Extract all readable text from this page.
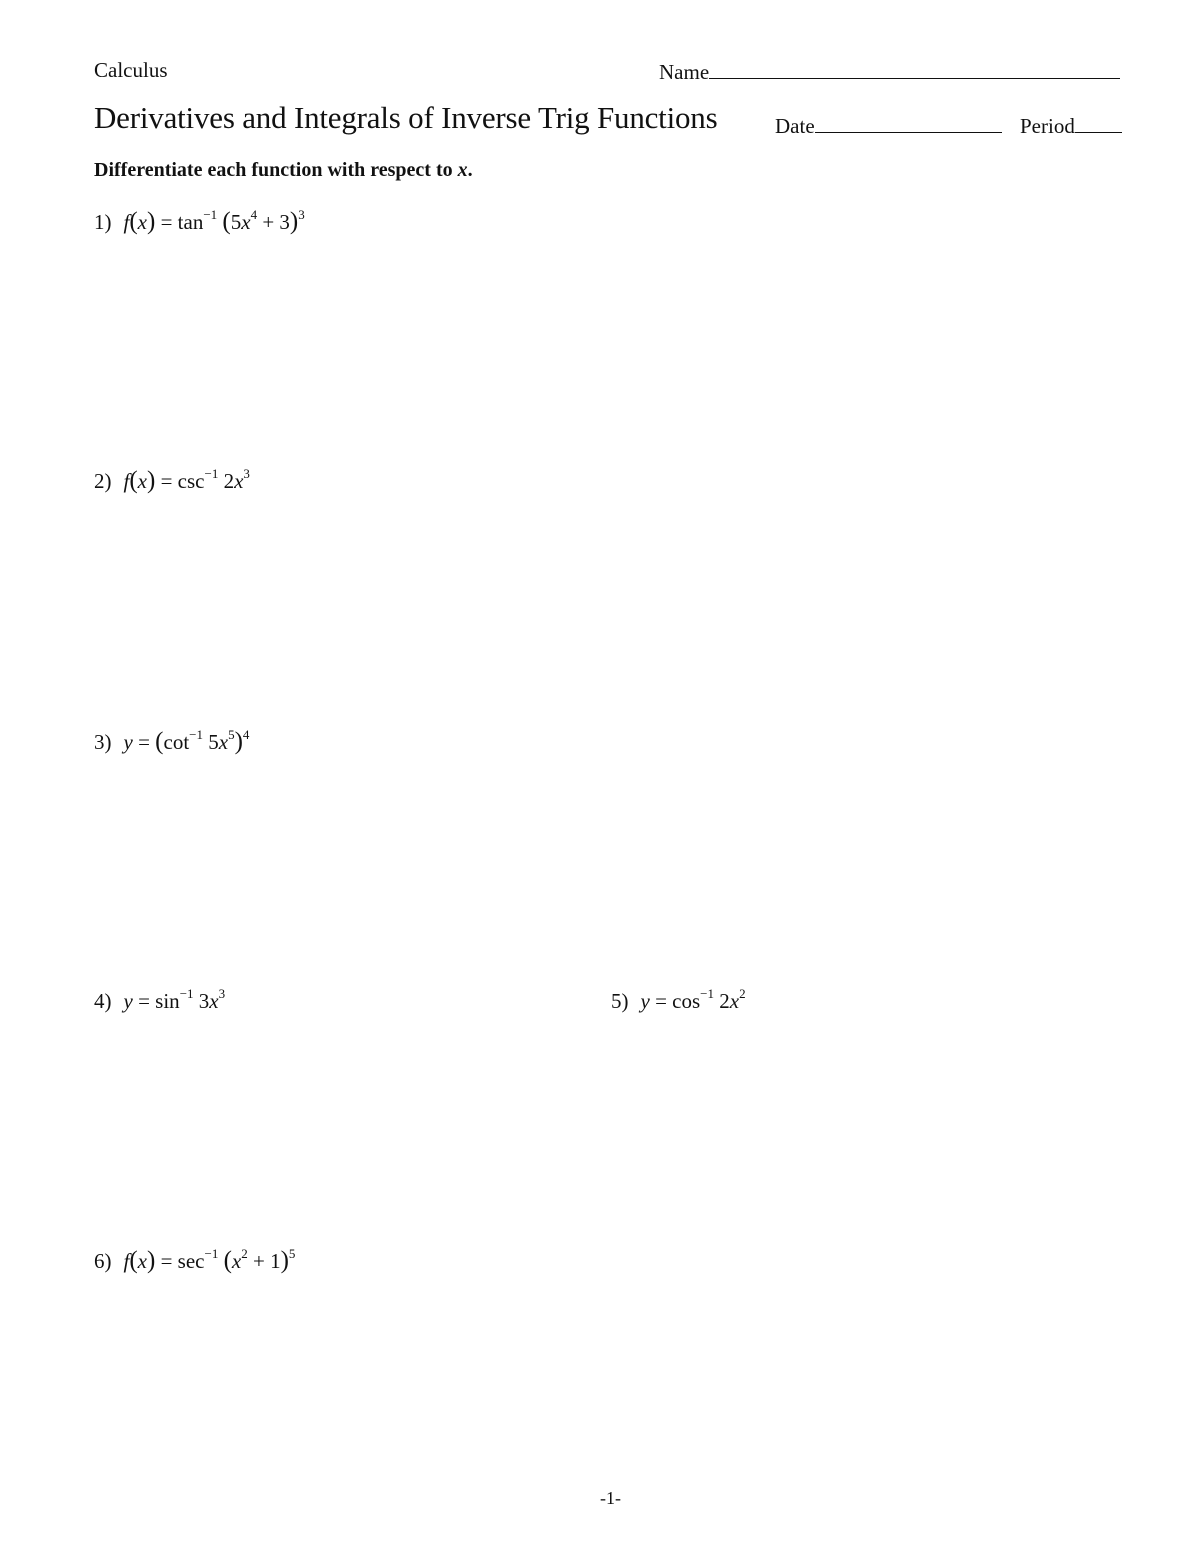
Calculus	Name
Derivatives and Integrals of Inverse Trig Functions	Date	Period
Differentiate each function with respect to x.
1) $f(x) = \tan^{-1} (5x^4 + 3)^3$
2) $f(x) = \csc^{-1} 2x^3$
3) $y = (\cot^{-1}$ $5x^5)^4$
4) $y = \sin^{-1} 3x^3$	5) $y = \cos^{-1} 2x^2$
6) $f(x) = \sec^{-1} (x^2 + 1)^5$
-1-
